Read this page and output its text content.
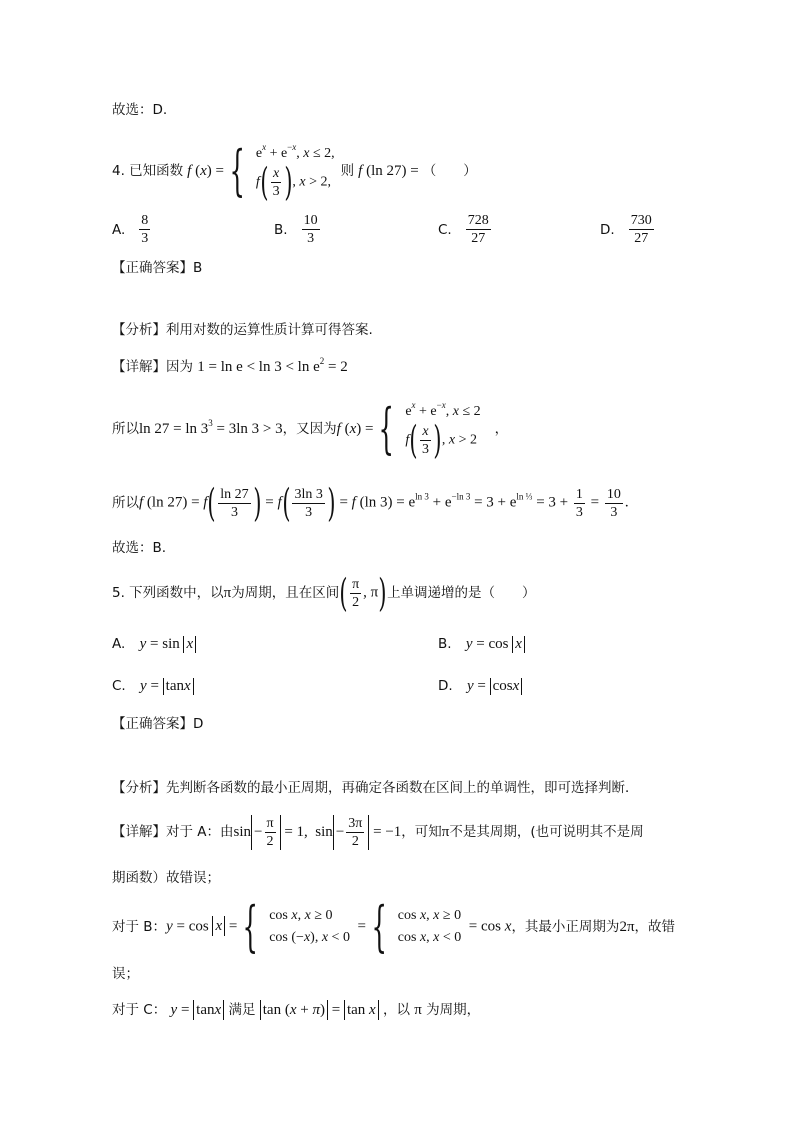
故选：D.
4. 已知函数 f (x) = { $e^x + e^{-x}$, x ≤ 2,
$f( \frac{x}{3}$ ), x > 2,
则 f (ln 27) = （　　）
A. $\frac{8}{3}$	B. $\frac{10}{3}$	C. $\frac{728}{27}$	D. $\frac{730}{27}$
【正确答案】B
【分析】利用对数的运算性质计算可得答案.
【详解】因为 $1 = \ln e < \ln 3 < \ln e^2 = 2$
所以 $\ln 27 = \ln 3^3 = 3\ln$ 3 > 3 ，又因为 f (x) = { $e^x + e^{-x}$, x ≤ 2
$f( \frac{x}{3}$ ), x > 2
，
所以 f (ln $27) = f( \frac{\ln 27}{3}$ ) = $f( \frac{3\ln 3}{3}$ ) = f (ln $3) = e^{ln 3} + e^{-ln 3} = 3 + e^{ln \frac{1}{3}} = 3 + \frac{1}{3} = \frac{10}{3}$ .
故选：B.
5. 下列函数中，以 π 为周期，且在区间 ( $\frac{\pi}{2}$ , π) 上单调递增的是（　　）
A. y = sin x	B. y = cos x
C. y = tanx	D. y = cosx
【正确答案】D
【分析】先判断各函数的最小正周期，再确定各函数在区间上的单调性，即可选择判断．
【详解】对于 A：由 $\sin - \frac{\pi}{2} = 1$,  $\sin - \frac{3\pi}{2} = -1$ ，可知 π 不是其周期，(也可说明其不是周
期函数）故错误；
对于 B： y = cos x = { cos x, x ≥ 0
cos (−x), x < 0
= { cos x, x ≥ 0
cos x, x < 0
= cos x ，其最小正周期为 2π ，故错
误；
对于 C： y = tanx 满足 tan (x + π) = tan x ，以 π 为周期，
